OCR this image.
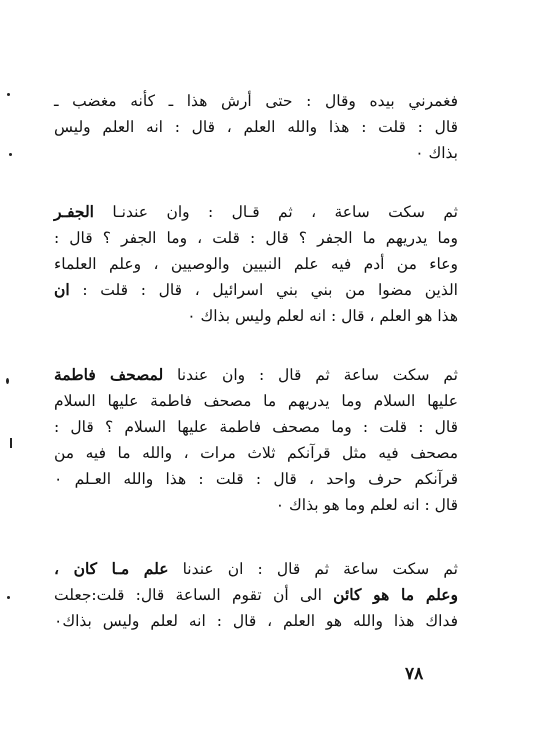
فغمرني بيده وقال : حتى أرش هذا ـ كأنه مغضب ـ
قال : قلت : هذا والله العلم ، قال : انه العلم وليس
بذاك ٠
ثم سكت ساعة ، ثم قـال : وان عندنـا الجفـر
وما يدريهم ما الجفر ؟ قال : قلت ، وما الجفر ؟ قال :
وعاء من أدم فيه علم النبيين والوصيين ، وعلم العلماء
الذين مضوا من بني بني اسرائيل ، قال : قلت : ان
هذا هو العلم ، قال : انه لعلم وليس بذاك ٠
ثم سكت ساعة ثم قال : وان عندنا لمصحف فاطمة
عليها السلام وما يدريهم ما مصحف فاطمة عليها السلام
قال : قلت : وما مصحف فاطمة عليها السلام ؟ قال :
مصحف فيه مثل قرآنكم ثلاث مرات ، والله ما فيه من
قرآنكم حرف واحد ، قال : قلت : هذا والله العـلم ٠
قال : انه لعلم وما هو بذاك ٠
ثم سكت ساعة ثم قال : ان عندنا علم مـا كان ،
وعلم ما هو كائن الى أن تقوم الساعة قال: قلت:جعلت
فداك هذا والله هو العلم ، قال : انه لعلم وليس بذاك٠
٧٨
